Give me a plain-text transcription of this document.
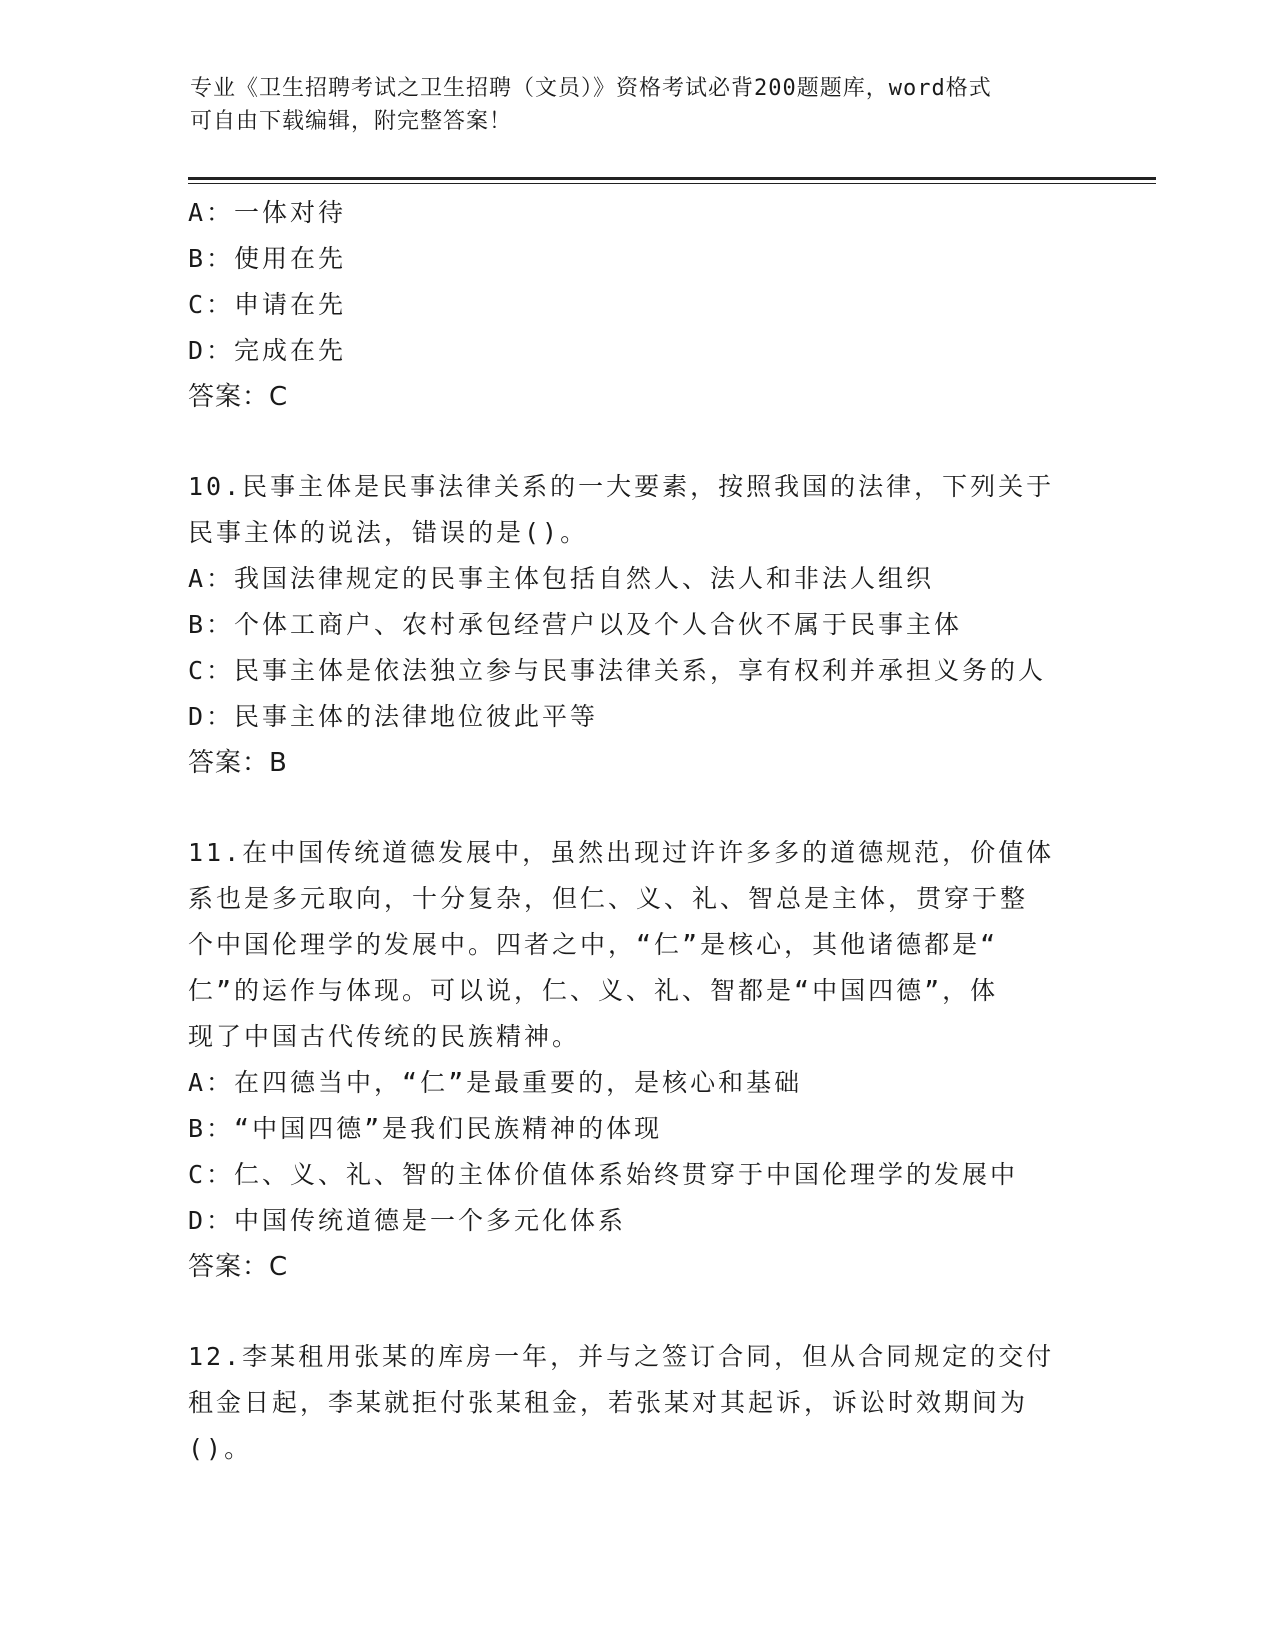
专业《卫生招聘考试之卫生招聘（文员）》资格考试必背200题题库，word格式
可自由下载编辑，附完整答案！
A：一体对待
B：使用在先
C：申请在先
D：完成在先
答案：C
10.民事主体是民事法律关系的一大要素，按照我国的法律，下列关于
民事主体的说法，错误的是()。
A：我国法律规定的民事主体包括自然人、法人和非法人组织
B：个体工商户、农村承包经营户以及个人合伙不属于民事主体
C：民事主体是依法独立参与民事法律关系，享有权利并承担义务的人
D：民事主体的法律地位彼此平等
答案：B
11.在中国传统道德发展中，虽然出现过许许多多的道德规范，价值体
系也是多元取向，十分复杂，但仁、义、礼、智总是主体，贯穿于整
个中国伦理学的发展中。四者之中，“仁”是核心，其他诸德都是“
仁”的运作与体现。可以说，仁、义、礼、智都是“中国四德”，体
现了中国古代传统的民族精神。
A：在四德当中，“仁”是最重要的，是核心和基础
B：“中国四德”是我们民族精神的体现
C：仁、义、礼、智的主体价值体系始终贯穿于中国伦理学的发展中
D：中国传统道德是一个多元化体系
答案：C
12.李某租用张某的库房一年，并与之签订合同，但从合同规定的交付
租金日起，李某就拒付张某租金，若张某对其起诉，诉讼时效期间为
()。
